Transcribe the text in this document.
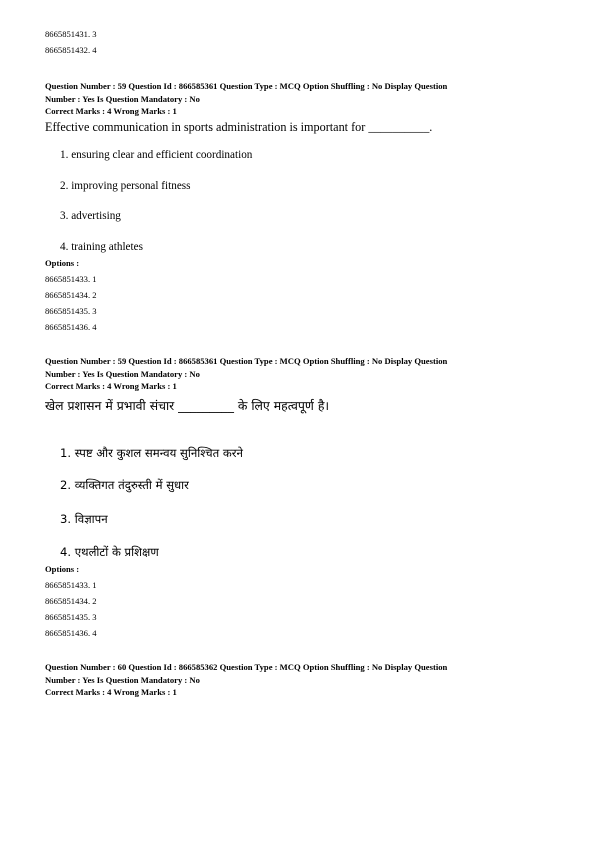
8665851431. 3
8665851432. 4
Question Number : 59 Question Id : 866585361 Question Type : MCQ Option Shuffling : No Display Question
Number : Yes Is Question Mandatory : No
Correct Marks : 4 Wrong Marks : 1
Effective communication in sports administration is important for __________.
1. ensuring clear and efficient coordination
2. improving personal fitness
3. advertising
4. training athletes
Options :
8665851433. 1
8665851434. 2
8665851435. 3
8665851436. 4
Question Number : 59 Question Id : 866585361 Question Type : MCQ Option Shuffling : No Display Question
Number : Yes Is Question Mandatory : No
Correct Marks : 4 Wrong Marks : 1
खेल प्रशासन में प्रभावी संचार _________ के लिए महत्वपूर्ण है।
1. स्पष्ट और कुशल समन्वय सुनिश्चित करने
2. व्यक्तिगत तंदुरुस्ती में सुधार
3. विज्ञापन
4. एथलीटों के प्रशिक्षण
Options :
8665851433. 1
8665851434. 2
8665851435. 3
8665851436. 4
Question Number : 60 Question Id : 866585362 Question Type : MCQ Option Shuffling : No Display Question
Number : Yes Is Question Mandatory : No
Correct Marks : 4 Wrong Marks : 1
